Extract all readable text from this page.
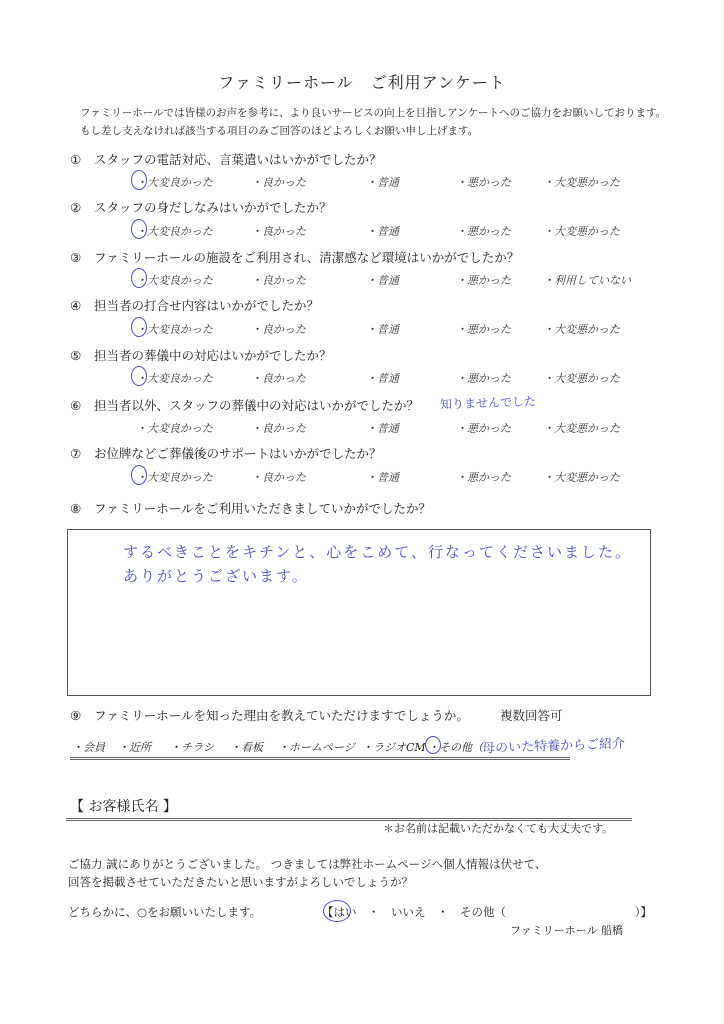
ファミリーホール　ご利用アンケート
ファミリーホールでは皆様のお声を参考に、より良いサービスの向上を目指しアンケートへのご協力をお願いしております。
もし差し支えなければ該当する項目のみご回答のほどよろしくお願い申し上げます。
① スタッフの電話対応、言葉遣いはいかがでしたか？
・大変良かった	・良かった	・普通	・悪かった	・大変悪かった
② スタッフの身だしなみはいかがでしたか？
・大変良かった	・良かった	・普通	・悪かった	・大変悪かった
③ ファミリーホールの施設をご利用され、清潔感など環境はいかがでしたか？
・大変良かった	・良かった	・普通	・悪かった	・利用していない
④ 担当者の打合せ内容はいかがでしたか？
・大変良かった	・良かった	・普通	・悪かった	・大変悪かった
⑤ 担当者の葬儀中の対応はいかがでしたか？
・大変良かった	・良かった	・普通	・悪かった	・大変悪かった
⑥ 担当者以外、スタッフの葬儀中の対応はいかがでしたか？ 知りませんでした
・大変良かった	・良かった	・普通	・悪かった	・大変悪かった
⑦ お位牌などご葬儀後のサポートはいかがでしたか？
・大変良かった	・良かった	・普通	・悪かった	・大変悪かった
⑧ ファミリーホールをご利用いただきましていかがでしたか？
するべきことをキチンと、心をこめて、行なってくださいました。
ありがとうございます。
⑨ ファミリーホールを知った理由を教えていただけますでしょうか。 複数回答可
・会員 ・近所 ・チラシ ・看板 ・ホームページ ・ラジオCM ・その他（
母のいた特養からご紹介
【 お客様氏名 】
＊お名前は記載いただかなくても大丈夫です。
ご協力 誠にありがとうございました。 つきましては弊社ホームページへ個人情報は伏せて、
回答を掲載させていただきたいと思いますがよろしいでしょうか？
どちらかに、○をお願いいたします。	【はい　・　いいえ　・　その他（	）】
ファミリーホール 船橋
